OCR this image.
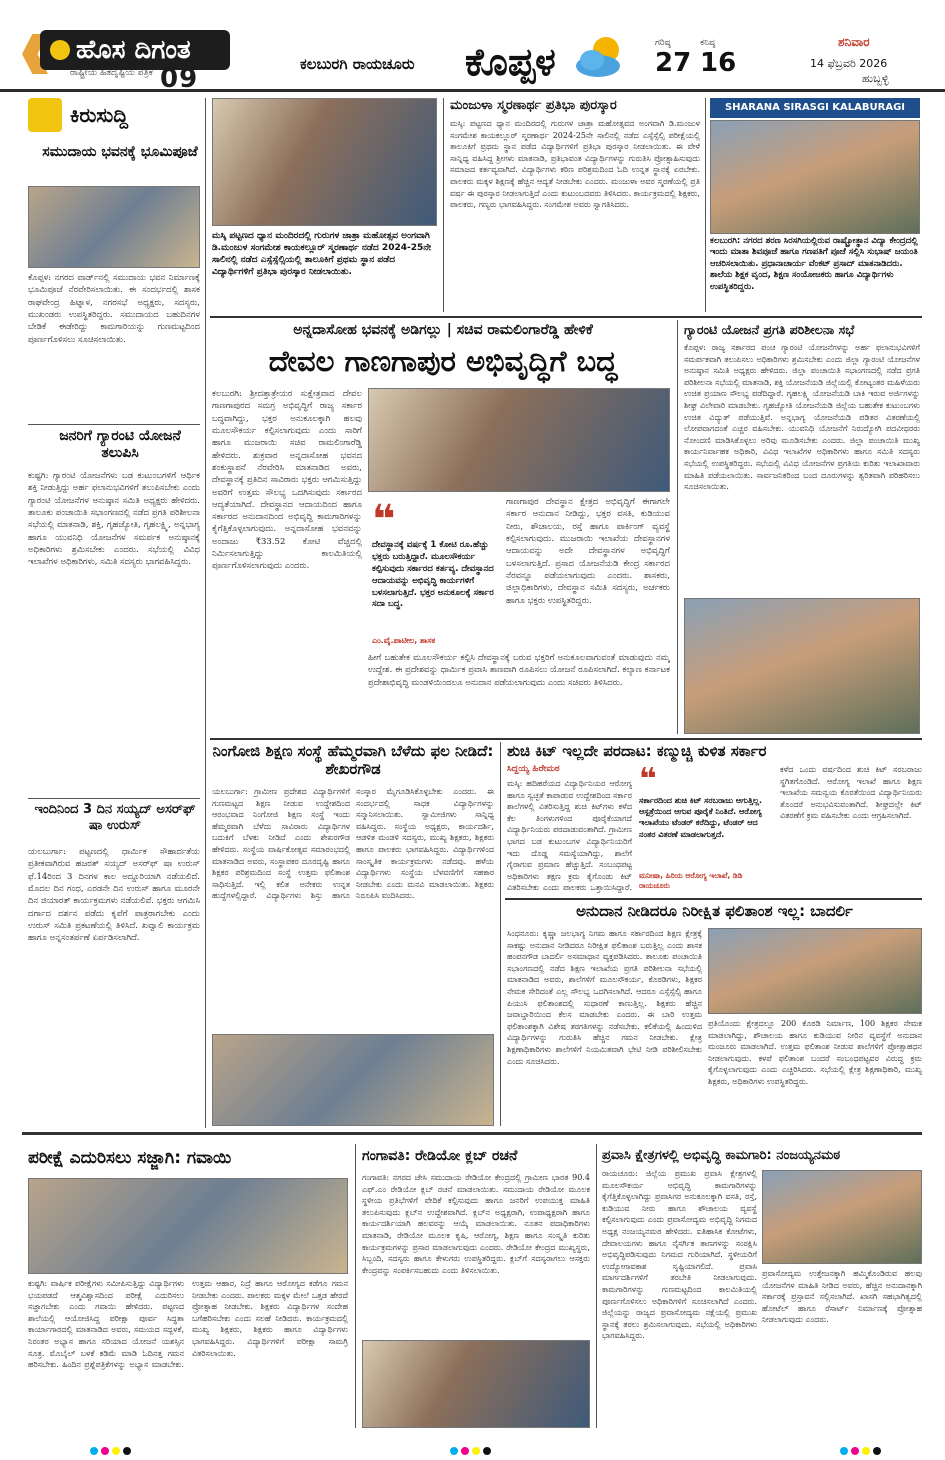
ಹೊಸ ದಿಗಂತ
ರಾಷ್ಟ್ರೀಯ ಹಿತದೃಷ್ಟಿಯ ಪತ್ರಿಕೆ 09	ಕಲಬುರಗಿ ರಾಯಚೂರು ಕೊಪ್ಪಳ	ಗರಿಷ್ಠ
27
ಕನಿಷ್ಠ
16
ಶನಿವಾರ
14 ಫೆಬ್ರವರಿ 2026
ಹುಬ್ಬಳ್ಳಿ
ಕಿರುಸುದ್ದಿ
ಸಮುದಾಯ ಭವನಕ್ಕೆ ಭೂಮಿಪೂಜೆ
ಕೊಪ್ಪಳ: ನಗರದ ವಾರ್ಡ್‌ನಲ್ಲಿ ಸಮುದಾಯ ಭವನ ನಿರ್ಮಾಣಕ್ಕೆ ಭೂಮಿಪೂಜೆ ನೆರವೇರಿಸಲಾಯಿತು. ಈ ಸಂದರ್ಭದಲ್ಲಿ ಶಾಸಕ ರಾಘವೇಂದ್ರ ಹಿಟ್ನಾಳ, ನಗರಸಭೆ ಅಧ್ಯಕ್ಷರು, ಸದಸ್ಯರು, ಮುಖಂಡರು ಉಪಸ್ಥಿತರಿದ್ದರು. ಸಮುದಾಯದ ಬಹುದಿನಗಳ ಬೇಡಿಕೆ ಈಡೇರಿದ್ದು ಕಾಮಗಾರಿಯನ್ನು ಗುಣಮಟ್ಟದಿಂದ ಪೂರ್ಣಗೊಳಿಸಲು ಸೂಚಿಸಲಾಯಿತು.
ಜನರಿಗೆ ಗ್ಯಾರಂಟಿ ಯೋಜನೆ ತಲುಪಿಸಿ
ಕುಷ್ಟಗಿ: ಗ್ಯಾರಂಟಿ ಯೋಜನೆಗಳು ಬಡ ಕುಟುಂಬಗಳಿಗೆ ಆರ್ಥಿಕ ಶಕ್ತಿ ನೀಡುತ್ತಿದ್ದು ಅರ್ಹ ಫಲಾನುಭವಿಗಳಿಗೆ ತಲುಪಿಸಬೇಕು ಎಂದು ಗ್ಯಾರಂಟಿ ಯೋಜನೆಗಳ ಅನುಷ್ಠಾನ ಸಮಿತಿ ಅಧ್ಯಕ್ಷರು ಹೇಳಿದರು. ತಾಲೂಕು ಪಂಚಾಯಿತಿ ಸಭಾಂಗಣದಲ್ಲಿ ನಡೆದ ಪ್ರಗತಿ ಪರಿಶೀಲನಾ ಸಭೆಯಲ್ಲಿ ಮಾತನಾಡಿ, ಶಕ್ತಿ, ಗೃಹಜ್ಯೋತಿ, ಗೃಹಲಕ್ಷ್ಮಿ, ಅನ್ನಭಾಗ್ಯ ಹಾಗೂ ಯುವನಿಧಿ ಯೋಜನೆಗಳ ಸಮರ್ಪಕ ಅನುಷ್ಠಾನಕ್ಕೆ ಅಧಿಕಾರಿಗಳು ಶ್ರಮಿಸಬೇಕು ಎಂದರು. ಸಭೆಯಲ್ಲಿ ವಿವಿಧ ಇಲಾಖೆಗಳ ಅಧಿಕಾರಿಗಳು, ಸಮಿತಿ ಸದಸ್ಯರು ಭಾಗವಹಿಸಿದ್ದರು.
ಇಂದಿನಿಂದ 3 ದಿನ ಸಯ್ಯದ್ ಅಸರ್‌ಫ್ ಷಾ ಉರುಸ್
ಯಲಬುರ್ಗಾ: ಪಟ್ಟಣದಲ್ಲಿ ಧಾರ್ಮಿಕ ಸೌಹಾರ್ದತೆಯ ಪ್ರತೀಕವಾಗಿರುವ ಹಜರತ್ ಸಯ್ಯದ್ ಅಸರ್‌ಫ್ ಷಾ ಉರುಸ್ ಫೆ.14ರಿಂದ 3 ದಿನಗಳ ಕಾಲ ಅದ್ದೂರಿಯಾಗಿ ನಡೆಯಲಿದೆ. ಮೊದಲ ದಿನ ಗಂಧ, ಎರಡನೇ ದಿನ ಉರುಸ್ ಹಾಗೂ ಮೂರನೇ ದಿನ ಜಿಯಾರತ್ ಕಾರ್ಯಕ್ರಮಗಳು ನಡೆಯಲಿವೆ. ಭಕ್ತರು ಆಗಮಿಸಿ ದರ್ಗಾದ ದರ್ಶನ ಪಡೆದು ಕೃಪೆಗೆ ಪಾತ್ರರಾಗಬೇಕು ಎಂದು ಉರುಸ್ ಸಮಿತಿ ಪ್ರಕಟಣೆಯಲ್ಲಿ ತಿಳಿಸಿದೆ. ಖವ್ವಾಲಿ ಕಾರ್ಯಕ್ರಮ ಹಾಗೂ ಅನ್ನಸಂತರ್ಪಣೆ ಏರ್ಪಡಿಸಲಾಗಿದೆ.
ಮಸ್ಕಿ ಪಟ್ಟಣದ ಧ್ಯಾನ ಮಂದಿರದಲ್ಲಿ ಗುರುಗಳ ಜಾತ್ರಾ ಮಹೋತ್ಸವ ಅಂಗವಾಗಿ ಡಿ.ಮಂಜುಳ ಸಂಗಮೇಶ ಕಾಯಕಲ್ಲೂರ್ ಸ್ಮರಣಾರ್ಥ ನಡೆದ 2024-25ನೇ ಸಾಲಿನಲ್ಲಿ ನಡೆದ ಎಸ್ಸೆಸ್ಸೆಲ್ಸಿಯಲ್ಲಿ ತಾಲೂಕಿಗೆ ಪ್ರಥಮ ಸ್ಥಾನ ಪಡೆದ ವಿದ್ಯಾರ್ಥಿಗಳಿಗೆ ಪ್ರತಿಭಾ ಪುರಸ್ಕಾರ ನೀಡಲಾಯಿತು.
ಮಂಜುಳಾ ಸ್ಮರಣಾರ್ಥ ಪ್ರತಿಭಾ ಪುರಸ್ಕಾರ
ಮಸ್ಕಿ: ಪಟ್ಟಣದ ಧ್ಯಾನ ಮಂದಿರದಲ್ಲಿ ಗುರುಗಳ ಜಾತ್ರಾ ಮಹೋತ್ಸವದ ಅಂಗವಾಗಿ ಡಿ.ಮಂಜುಳ ಸಂಗಮೇಶ ಕಾಯಕಲ್ಲೂರ್ ಸ್ಮರಣಾರ್ಥ 2024-25ನೇ ಸಾಲಿನಲ್ಲಿ ನಡೆದ ಎಸ್ಸೆಸ್ಸೆಲ್ಸಿ ಪರೀಕ್ಷೆಯಲ್ಲಿ ತಾಲೂಕಿಗೆ ಪ್ರಥಮ ಸ್ಥಾನ ಪಡೆದ ವಿದ್ಯಾರ್ಥಿಗಳಿಗೆ ಪ್ರತಿಭಾ ಪುರಸ್ಕಾರ ನೀಡಲಾಯಿತು. ಈ ವೇಳೆ ಸಾನ್ನಿಧ್ಯ ವಹಿಸಿದ್ದ ಶ್ರೀಗಳು ಮಾತನಾಡಿ, ಪ್ರತಿಭಾವಂತ ವಿದ್ಯಾರ್ಥಿಗಳನ್ನು ಗುರುತಿಸಿ ಪ್ರೋತ್ಸಾಹಿಸುವುದು ಸಮಾಜದ ಕರ್ತವ್ಯವಾಗಿದೆ. ವಿದ್ಯಾರ್ಥಿಗಳು ಕಠಿಣ ಪರಿಶ್ರಮದಿಂದ ಓದಿ ಉನ್ನತ ಸ್ಥಾನಕ್ಕೆ ಏರಬೇಕು. ಪಾಲಕರು ಮಕ್ಕಳ ಶಿಕ್ಷಣಕ್ಕೆ ಹೆಚ್ಚಿನ ಆದ್ಯತೆ ನೀಡಬೇಕು ಎಂದರು. ಮಂಜುಳಾ ಅವರ ಸ್ಮರಣೆಯಲ್ಲಿ ಪ್ರತಿ ವರ್ಷ ಈ ಪುರಸ್ಕಾರ ನೀಡಲಾಗುತ್ತಿದೆ ಎಂದು ಕುಟುಂಬದವರು ತಿಳಿಸಿದರು. ಕಾರ್ಯಕ್ರಮದಲ್ಲಿ ಶಿಕ್ಷಕರು, ಪಾಲಕರು, ಗಣ್ಯರು ಭಾಗವಹಿಸಿದ್ದರು. ಸಂಗಮೇಶ ಅವರು ಸ್ವಾಗತಿಸಿದರು.
SHARANA SIRASGI KALABURAGI
ಕಲಬುರಗಿ: ನಗರದ ಶರಣ ಸಿರಸಗಿಯಲ್ಲಿರುವ ರಾಷ್ಟ್ರೋತ್ಥಾನ ವಿದ್ಯಾ ಕೇಂದ್ರದಲ್ಲಿ ಇಂದು ಮಾತಾ ಶಿವಪೂಜೆ ಹಾಗೂ ಗಣಪತಿಗೆ ಪೂಜೆ ಸಲ್ಲಿಸಿ ಸುಭಾಷ್ ಜಯಂತಿ ಆಚರಿಸಲಾಯಿತು. ಪ್ರಧಾನಾಚಾರ್ಯ ವೆಂಕಟ್ ಪ್ರಸಾದ್ ಮಾತನಾಡಿದರು. ಶಾಲೆಯ ಶಿಕ್ಷಕ ವೃಂದ, ಶಿಕ್ಷಣ ಸಂಯೋಜಕರು ಹಾಗೂ ವಿದ್ಯಾರ್ಥಿಗಳು ಉಪಸ್ಥಿತರಿದ್ದರು.
ಅನ್ನದಾಸೋಹ ಭವನಕ್ಕೆ ಅಡಿಗಲ್ಲು | ಸಚಿವ ರಾಮಲಿಂಗಾರೆಡ್ಡಿ ಹೇಳಿಕೆ
ದೇವಲ ಗಾಣಗಾಪುರ ಅಭಿವೃದ್ಧಿಗೆ ಬದ್ಧ
ಕಲಬುರಗಿ: ಶ್ರೀದತ್ತಾತ್ರೇಯರ ಸುಕ್ಷೇತ್ರವಾದ ದೇವಲ ಗಾಣಗಾಪುರದ ಸಮಗ್ರ ಅಭಿವೃದ್ಧಿಗೆ ರಾಜ್ಯ ಸರ್ಕಾರ ಬದ್ಧವಾಗಿದ್ದು, ಭಕ್ತರ ಅನುಕೂಲಕ್ಕಾಗಿ ಹಲವು ಮೂಲಸೌಕರ್ಯ ಕಲ್ಪಿಸಲಾಗುವುದು ಎಂದು ಸಾರಿಗೆ ಹಾಗೂ ಮುಜರಾಯಿ ಸಚಿವ ರಾಮಲಿಂಗಾರೆಡ್ಡಿ ಹೇಳಿದರು. ಶುಕ್ರವಾರ ಅನ್ನದಾಸೋಹ ಭವನದ ಶಂಕುಸ್ಥಾಪನೆ ನೆರವೇರಿಸಿ ಮಾತನಾಡಿದ ಅವರು, ದೇವಸ್ಥಾನಕ್ಕೆ ಪ್ರತಿದಿನ ಸಾವಿರಾರು ಭಕ್ತರು ಆಗಮಿಸುತ್ತಿದ್ದು ಅವರಿಗೆ ಉತ್ತಮ ಸೌಲಭ್ಯ ಒದಗಿಸುವುದು ಸರ್ಕಾರದ ಆದ್ಯತೆಯಾಗಿದೆ. ದೇವಸ್ಥಾನದ ಆದಾಯದಿಂದ ಹಾಗೂ ಸರ್ಕಾರದ ಅನುದಾನದಿಂದ ಅಭಿವೃದ್ಧಿ ಕಾಮಗಾರಿಗಳನ್ನು ಕೈಗೆತ್ತಿಕೊಳ್ಳಲಾಗುವುದು. ಅನ್ನದಾಸೋಹ ಭವನವನ್ನು ಅಂದಾಜು ₹33.52 ಕೋಟಿ ವೆಚ್ಚದಲ್ಲಿ ನಿರ್ಮಿಸಲಾಗುತ್ತಿದ್ದು ಕಾಲಮಿತಿಯಲ್ಲಿ ಪೂರ್ಣಗೊಳಿಸಲಾಗುವುದು ಎಂದರು.
❝
ದೇವಸ್ಥಾನಕ್ಕೆ ವರ್ಷಕ್ಕೆ 1 ಕೋಟಿ ರೂ.ಹೆಚ್ಚು ಭಕ್ತರು ಬರುತ್ತಿದ್ದಾರೆ. ಮೂಲಸೌಕರ್ಯ ಕಲ್ಪಿಸುವುದು ಸರ್ಕಾರದ ಕರ್ತವ್ಯ. ದೇವಸ್ಥಾನದ ಆದಾಯವನ್ನು ಅಭಿವೃದ್ಧಿ ಕಾರ್ಯಗಳಿಗೆ ಬಳಸಲಾಗುತ್ತಿದೆ. ಭಕ್ತರ ಅನುಕೂಲಕ್ಕೆ ಸರ್ಕಾರ ಸದಾ ಬದ್ಧ.
ಎಂ.ವೈ.ಪಾಟೀಲ, ಶಾಸಕ
ಗಾಣಗಾಪುರ ದೇವಸ್ಥಾನ ಕ್ಷೇತ್ರದ ಅಭಿವೃದ್ಧಿಗೆ ಈಗಾಗಲೇ ಸರ್ಕಾರ ಅನುದಾನ ನೀಡಿದ್ದು, ಭಕ್ತರ ವಸತಿ, ಕುಡಿಯುವ ನೀರು, ಶೌಚಾಲಯ, ರಸ್ತೆ ಹಾಗೂ ಪಾರ್ಕಿಂಗ್ ವ್ಯವಸ್ಥೆ ಕಲ್ಪಿಸಲಾಗುವುದು. ಮುಜರಾಯಿ ಇಲಾಖೆಯ ದೇವಸ್ಥಾನಗಳ ಆದಾಯವನ್ನು ಅದೇ ದೇವಸ್ಥಾನಗಳ ಅಭಿವೃದ್ಧಿಗೆ ಬಳಸಲಾಗುತ್ತಿದೆ. ಪ್ರಸಾದ ಯೋಜನೆಯಡಿ ಕೇಂದ್ರ ಸರ್ಕಾರದ ನೆರವನ್ನೂ ಪಡೆಯಲಾಗುವುದು ಎಂದರು. ಶಾಸಕರು, ಜಿಲ್ಲಾಧಿಕಾರಿಗಳು, ದೇವಸ್ಥಾನ ಸಮಿತಿ ಸದಸ್ಯರು, ಅರ್ಚಕರು ಹಾಗೂ ಭಕ್ತರು ಉಪಸ್ಥಿತರಿದ್ದರು.
ಹೀಗೆ ಬಹುತೇಕ ಮೂಲಸೌಕರ್ಯ ಕಲ್ಪಿಸಿ ದೇವಸ್ಥಾನಕ್ಕೆ ಬರುವ ಭಕ್ತರಿಗೆ ಅನುಕೂಲವಾಗುವಂತೆ ಮಾಡುವುದು ನಮ್ಮ ಉದ್ದೇಶ. ಈ ಪ್ರದೇಶವನ್ನು ಧಾರ್ಮಿಕ ಪ್ರವಾಸಿ ತಾಣವಾಗಿ ರೂಪಿಸಲು ಯೋಜನೆ ರೂಪಿಸಲಾಗಿದೆ. ಕಲ್ಯಾಣ ಕರ್ನಾಟಕ ಪ್ರದೇಶಾಭಿವೃದ್ಧಿ ಮಂಡಳಿಯಿಂದಲೂ ಅನುದಾನ ಪಡೆಯಲಾಗುವುದು ಎಂದು ಸಚಿವರು ತಿಳಿಸಿದರು.
ಗ್ಯಾರಂಟಿ ಯೋಜನೆ ಪ್ರಗತಿ ಪರಿಶೀಲನಾ ಸಭೆ
ಕೊಪ್ಪಳ: ರಾಜ್ಯ ಸರ್ಕಾರದ ಪಂಚ ಗ್ಯಾರಂಟಿ ಯೋಜನೆಗಳನ್ನು ಅರ್ಹ ಫಲಾನುಭವಿಗಳಿಗೆ ಸಮರ್ಪಕವಾಗಿ ತಲುಪಿಸಲು ಅಧಿಕಾರಿಗಳು ಶ್ರಮಿಸಬೇಕು ಎಂದು ಜಿಲ್ಲಾ ಗ್ಯಾರಂಟಿ ಯೋಜನೆಗಳ ಅನುಷ್ಠಾನ ಸಮಿತಿ ಅಧ್ಯಕ್ಷರು ಹೇಳಿದರು. ಜಿಲ್ಲಾ ಪಂಚಾಯಿತಿ ಸಭಾಂಗಣದಲ್ಲಿ ನಡೆದ ಪ್ರಗತಿ ಪರಿಶೀಲನಾ ಸಭೆಯಲ್ಲಿ ಮಾತನಾಡಿ, ಶಕ್ತಿ ಯೋಜನೆಯಡಿ ಜಿಲ್ಲೆಯಲ್ಲಿ ಕೋಟ್ಯಂತರ ಮಹಿಳೆಯರು ಉಚಿತ ಪ್ರಯಾಣ ಸೌಲಭ್ಯ ಪಡೆದಿದ್ದಾರೆ. ಗೃಹಲಕ್ಷ್ಮಿ ಯೋಜನೆಯಡಿ ಬಾಕಿ ಇರುವ ಅರ್ಜಿಗಳನ್ನು ಶೀಘ್ರ ವಿಲೇವಾರಿ ಮಾಡಬೇಕು. ಗೃಹಜ್ಯೋತಿ ಯೋಜನೆಯಡಿ ಜಿಲ್ಲೆಯ ಬಹುತೇಕ ಕುಟುಂಬಗಳು ಉಚಿತ ವಿದ್ಯುತ್ ಪಡೆಯುತ್ತಿವೆ. ಅನ್ನಭಾಗ್ಯ ಯೋಜನೆಯಡಿ ಪಡಿತರ ವಿತರಣೆಯಲ್ಲಿ ಲೋಪವಾಗದಂತೆ ಎಚ್ಚರ ವಹಿಸಬೇಕು. ಯುವನಿಧಿ ಯೋಜನೆಗೆ ನಿರುದ್ಯೋಗಿ ಪದವೀಧರರು ನೋಂದಣಿ ಮಾಡಿಸಿಕೊಳ್ಳಲು ಅರಿವು ಮೂಡಿಸಬೇಕು ಎಂದರು. ಜಿಲ್ಲಾ ಪಂಚಾಯಿತಿ ಮುಖ್ಯ ಕಾರ್ಯನಿರ್ವಾಹಕ ಅಧಿಕಾರಿ, ವಿವಿಧ ಇಲಾಖೆಗಳ ಅಧಿಕಾರಿಗಳು ಹಾಗೂ ಸಮಿತಿ ಸದಸ್ಯರು ಸಭೆಯಲ್ಲಿ ಉಪಸ್ಥಿತರಿದ್ದರು. ಸಭೆಯಲ್ಲಿ ವಿವಿಧ ಯೋಜನೆಗಳ ಪ್ರಗತಿಯ ಕುರಿತು ಇಲಾಖಾವಾರು ಮಾಹಿತಿ ಪಡೆಯಲಾಯಿತು. ಸಾರ್ವಜನಿಕರಿಂದ ಬಂದ ದೂರುಗಳನ್ನು ತ್ವರಿತವಾಗಿ ಪರಿಹರಿಸಲು ಸೂಚಿಸಲಾಯಿತು.
ನಿಂಗೋಜಿ ಶಿಕ್ಷಣ ಸಂಸ್ಥೆ ಹೆಮ್ಮರವಾಗಿ ಬೆಳೆದು ಫಲ ನೀಡಿದೆ: ಶೇಖರಗೌಡ
ಯಲಬುರ್ಗಾ: ಗ್ರಾಮೀಣ ಪ್ರದೇಶದ ವಿದ್ಯಾರ್ಥಿಗಳಿಗೆ ಗುಣಮಟ್ಟದ ಶಿಕ್ಷಣ ನೀಡುವ ಉದ್ದೇಶದಿಂದ ಆರಂಭವಾದ ನಿಂಗೋಜಿ ಶಿಕ್ಷಣ ಸಂಸ್ಥೆ ಇಂದು ಹೆಮ್ಮರವಾಗಿ ಬೆಳೆದು ಸಾವಿರಾರು ವಿದ್ಯಾರ್ಥಿಗಳ ಬದುಕಿಗೆ ಬೆಳಕು ನೀಡಿದೆ ಎಂದು ಶೇಖರಗೌಡ ಹೇಳಿದರು. ಸಂಸ್ಥೆಯ ವಾರ್ಷಿಕೋತ್ಸವ ಸಮಾರಂಭದಲ್ಲಿ ಮಾತನಾಡಿದ ಅವರು, ಸಂಸ್ಥಾಪಕರ ದೂರದೃಷ್ಟಿ ಹಾಗೂ ಶಿಕ್ಷಕರ ಪರಿಶ್ರಮದಿಂದ ಸಂಸ್ಥೆ ಉತ್ತಮ ಫಲಿತಾಂಶ ಸಾಧಿಸುತ್ತಿದೆ. ಇಲ್ಲಿ ಕಲಿತ ಅನೇಕರು ಉನ್ನತ ಹುದ್ದೆಗಳಲ್ಲಿದ್ದಾರೆ. ವಿದ್ಯಾರ್ಥಿಗಳು ಶಿಸ್ತು ಹಾಗೂ ಸಂಸ್ಕಾರ ಮೈಗೂಡಿಸಿಕೊಳ್ಳಬೇಕು ಎಂದರು. ಈ ಸಂದರ್ಭದಲ್ಲಿ ಸಾಧಕ ವಿದ್ಯಾರ್ಥಿಗಳನ್ನು ಸನ್ಮಾನಿಸಲಾಯಿತು. ಸ್ವಾಮೀಜಿಗಳು ಸಾನ್ನಿಧ್ಯ ವಹಿಸಿದ್ದರು. ಸಂಸ್ಥೆಯ ಅಧ್ಯಕ್ಷರು, ಕಾರ್ಯದರ್ಶಿ, ಆಡಳಿತ ಮಂಡಳಿ ಸದಸ್ಯರು, ಮುಖ್ಯ ಶಿಕ್ಷಕರು, ಶಿಕ್ಷಕರು ಹಾಗೂ ಪಾಲಕರು ಭಾಗವಹಿಸಿದ್ದರು. ವಿದ್ಯಾರ್ಥಿಗಳಿಂದ ಸಾಂಸ್ಕೃತಿಕ ಕಾರ್ಯಕ್ರಮಗಳು ನಡೆದವು. ಹಳೆಯ ವಿದ್ಯಾರ್ಥಿಗಳು ಸಂಸ್ಥೆಯ ಬೆಳವಣಿಗೆಗೆ ಸಹಕಾರ ನೀಡಬೇಕು ಎಂದು ಮನವಿ ಮಾಡಲಾಯಿತು. ಶಿಕ್ಷಕರು ನಿರೂಪಿಸಿ ವಂದಿಸಿದರು.
ಶುಚಿ ಕಿಟ್ ಇಲ್ಲದೇ ಪರದಾಟ: ಕಣ್ಮುಚ್ಚಿ ಕುಳಿತ ಸರ್ಕಾರ
ಸಿದ್ದಯ್ಯ ಹಿರೇಮಠ
ಮಸ್ಕಿ: ಹದಿಹರೆಯದ ವಿದ್ಯಾರ್ಥಿನಿಯರ ಆರೋಗ್ಯ ಹಾಗೂ ಸ್ವಚ್ಛತೆ ಕಾಪಾಡುವ ಉದ್ದೇಶದಿಂದ ಸರ್ಕಾರ ಶಾಲೆಗಳಲ್ಲಿ ವಿತರಿಸುತ್ತಿದ್ದ ಶುಚಿ ಕಿಟ್‌ಗಳು ಕಳೆದ ಕೆಲ ತಿಂಗಳುಗಳಿಂದ ಪೂರೈಕೆಯಾಗದೆ ವಿದ್ಯಾರ್ಥಿನಿಯರು ಪರದಾಡುವಂತಾಗಿದೆ. ಗ್ರಾಮೀಣ ಭಾಗದ ಬಡ ಕುಟುಂಬಗಳ ವಿದ್ಯಾರ್ಥಿನಿಯರಿಗೆ ಇದು ದೊಡ್ಡ ಸಮಸ್ಯೆಯಾಗಿದ್ದು, ಶಾಲೆಗೆ ಗೈರಾಗುವ ಪ್ರಮಾಣ ಹೆಚ್ಚುತ್ತಿದೆ. ಸಂಬಂಧಪಟ್ಟ ಅಧಿಕಾರಿಗಳು ತಕ್ಷಣ ಕ್ರಮ ಕೈಗೊಂಡು ಕಿಟ್ ವಿತರಿಸಬೇಕು ಎಂದು ಪಾಲಕರು ಒತ್ತಾಯಿಸಿದ್ದಾರೆ.
❝
ಸರ್ಕಾರದಿಂದ ಶುಚಿ ಕಿಟ್ ಸರಬರಾಜು ಆಗುತ್ತಿಲ್ಲ. ಆಸ್ಪತ್ರೆಯಿಂದ ಆಗುವ ಪೂರೈಕೆ ನಿಂತಿದೆ. ಆರೋಗ್ಯ ಇಲಾಖೆಯು ಟೆಂಡರ್ ಕರೆದಿದ್ದು, ಟೆಂಡರ್ ಆದ ನಂತರ ವಿತರಣೆ ಮಾಡಲಾಗುತ್ತದೆ.
ಮನೀಷಾ, ಹಿರಿಯ ಆರೋಗ್ಯ ಇಲಾಖೆ, ಡಿಡಿ ರಾಯಚೂರು
ಕಳೆದ ಒಂದು ವರ್ಷದಿಂದ ಶುಚಿ ಕಿಟ್ ಸರಬರಾಜು ಸ್ಥಗಿತಗೊಂಡಿದೆ. ಆರೋಗ್ಯ ಇಲಾಖೆ ಹಾಗೂ ಶಿಕ್ಷಣ ಇಲಾಖೆಯ ಸಮನ್ವಯ ಕೊರತೆಯಿಂದ ವಿದ್ಯಾರ್ಥಿನಿಯರು ತೊಂದರೆ ಅನುಭವಿಸುವಂತಾಗಿದೆ. ಶೀಘ್ರದಲ್ಲೇ ಕಿಟ್ ವಿತರಣೆಗೆ ಕ್ರಮ ವಹಿಸಬೇಕು ಎಂದು ಆಗ್ರಹಿಸಲಾಗಿದೆ.
ಅನುದಾನ ನೀಡಿದರೂ ನಿರೀಕ್ಷಿತ ಫಲಿತಾಂಶ ಇಲ್ಲ: ಬಾದರ್ಲಿ
ಸಿಂಧನೂರು: ಕೃಷ್ಣಾ ಜಲಭಾಗ್ಯ ನಿಗಮ ಹಾಗೂ ಸರ್ಕಾರದಿಂದ ಶಿಕ್ಷಣ ಕ್ಷೇತ್ರಕ್ಕೆ ಸಾಕಷ್ಟು ಅನುದಾನ ನೀಡಿದರೂ ನಿರೀಕ್ಷಿತ ಫಲಿತಾಂಶ ಬರುತ್ತಿಲ್ಲ ಎಂದು ಶಾಸಕ ಹಂಪನಗೌಡ ಬಾದರ್ಲಿ ಅಸಮಾಧಾನ ವ್ಯಕ್ತಪಡಿಸಿದರು. ತಾಲೂಕು ಪಂಚಾಯಿತಿ ಸಭಾಂಗಣದಲ್ಲಿ ನಡೆದ ಶಿಕ್ಷಣ ಇಲಾಖೆಯ ಪ್ರಗತಿ ಪರಿಶೀಲನಾ ಸಭೆಯಲ್ಲಿ ಮಾತನಾಡಿದ ಅವರು, ಶಾಲೆಗಳಿಗೆ ಮೂಲಸೌಕರ್ಯ, ಕೊಠಡಿಗಳು, ಶಿಕ್ಷಕರ ನೇಮಕ ಸೇರಿದಂತೆ ಎಲ್ಲ ಸೌಲಭ್ಯ ಒದಗಿಸಲಾಗಿದೆ. ಆದರೂ ಎಸ್ಸೆಸ್ಸೆಲ್ಸಿ ಹಾಗೂ ಪಿಯುಸಿ ಫಲಿತಾಂಶದಲ್ಲಿ ಸುಧಾರಣೆ ಕಾಣುತ್ತಿಲ್ಲ. ಶಿಕ್ಷಕರು ಹೆಚ್ಚಿನ ಜವಾಬ್ದಾರಿಯಿಂದ ಕೆಲಸ ಮಾಡಬೇಕು ಎಂದರು. ಈ ಬಾರಿ ಉತ್ತಮ ಫಲಿತಾಂಶಕ್ಕಾಗಿ ವಿಶೇಷ ತರಗತಿಗಳನ್ನು ನಡೆಸಬೇಕು. ಕಲಿಕೆಯಲ್ಲಿ ಹಿಂದುಳಿದ ವಿದ್ಯಾರ್ಥಿಗಳನ್ನು ಗುರುತಿಸಿ ಹೆಚ್ಚಿನ ಗಮನ ನೀಡಬೇಕು. ಕ್ಷೇತ್ರ ಶಿಕ್ಷಣಾಧಿಕಾರಿಗಳು ಶಾಲೆಗಳಿಗೆ ನಿಯಮಿತವಾಗಿ ಭೇಟಿ ನೀಡಿ ಪರಿಶೀಲಿಸಬೇಕು ಎಂದು ಸೂಚಿಸಿದರು.
ಪ್ರತಿಯೊಂದು ಕ್ಷೇತ್ರದಲ್ಲೂ 200 ಕೊಠಡಿ ನಿರ್ಮಾಣ, 100 ಶಿಕ್ಷಕರ ನೇಮಕ ಮಾಡಲಾಗಿದ್ದು, ಶೌಚಾಲಯ ಹಾಗೂ ಕುಡಿಯುವ ನೀರಿನ ವ್ಯವಸ್ಥೆಗೆ ಅನುದಾನ ಮಂಜೂರು ಮಾಡಲಾಗಿದೆ. ಉತ್ತಮ ಫಲಿತಾಂಶ ನೀಡುವ ಶಾಲೆಗಳಿಗೆ ಪ್ರೋತ್ಸಾಹಧನ ನೀಡಲಾಗುವುದು. ಕಳಪೆ ಫಲಿತಾಂಶ ಬಂದರೆ ಸಂಬಂಧಪಟ್ಟವರ ವಿರುದ್ಧ ಕ್ರಮ ಕೈಗೊಳ್ಳಲಾಗುವುದು ಎಂದು ಎಚ್ಚರಿಸಿದರು. ಸಭೆಯಲ್ಲಿ ಕ್ಷೇತ್ರ ಶಿಕ್ಷಣಾಧಿಕಾರಿ, ಮುಖ್ಯ ಶಿಕ್ಷಕರು, ಅಧಿಕಾರಿಗಳು ಉಪಸ್ಥಿತರಿದ್ದರು.
ಪರೀಕ್ಷೆ ಎದುರಿಸಲು ಸಜ್ಜಾಗಿ: ಗವಾಯಿ
ಕುಷ್ಟಗಿ: ವಾರ್ಷಿಕ ಪರೀಕ್ಷೆಗಳು ಸಮೀಪಿಸುತ್ತಿದ್ದು ವಿದ್ಯಾರ್ಥಿಗಳು ಭಯಪಡದೆ ಆತ್ಮವಿಶ್ವಾಸದಿಂದ ಪರೀಕ್ಷೆ ಎದುರಿಸಲು ಸಜ್ಜಾಗಬೇಕು ಎಂದು ಗವಾಯಿ ಹೇಳಿದರು. ಪಟ್ಟಣದ ಶಾಲೆಯಲ್ಲಿ ಆಯೋಜಿಸಿದ್ದ ಪರೀಕ್ಷಾ ಪೂರ್ವ ಸಿದ್ಧತಾ ಕಾರ್ಯಾಗಾರದಲ್ಲಿ ಮಾತನಾಡಿದ ಅವರು, ಸಮಯದ ಸದ್ಬಳಕೆ, ನಿರಂತರ ಅಭ್ಯಾಸ ಹಾಗೂ ಸರಿಯಾದ ಯೋಜನೆ ಯಶಸ್ಸಿನ ಸೂತ್ರ. ಮೊಬೈಲ್ ಬಳಕೆ ಕಡಿಮೆ ಮಾಡಿ ಓದಿನತ್ತ ಗಮನ ಹರಿಸಬೇಕು. ಹಿಂದಿನ ಪ್ರಶ್ನೆಪತ್ರಿಕೆಗಳನ್ನು ಅಭ್ಯಾಸ ಮಾಡಬೇಕು. ಉತ್ತಮ ಆಹಾರ, ನಿದ್ರೆ ಹಾಗೂ ಆರೋಗ್ಯದ ಕಡೆಗೂ ಗಮನ ನೀಡಬೇಕು ಎಂದರು. ಪಾಲಕರು ಮಕ್ಕಳ ಮೇಲೆ ಒತ್ತಡ ಹೇರದೆ ಪ್ರೋತ್ಸಾಹ ನೀಡಬೇಕು. ಶಿಕ್ಷಕರು ವಿದ್ಯಾರ್ಥಿಗಳ ಸಂದೇಹ ಬಗೆಹರಿಸಬೇಕು ಎಂದು ಸಲಹೆ ನೀಡಿದರು. ಕಾರ್ಯಕ್ರಮದಲ್ಲಿ ಮುಖ್ಯ ಶಿಕ್ಷಕರು, ಶಿಕ್ಷಕರು ಹಾಗೂ ವಿದ್ಯಾರ್ಥಿಗಳು ಭಾಗವಹಿಸಿದ್ದರು. ವಿದ್ಯಾರ್ಥಿಗಳಿಗೆ ಪರೀಕ್ಷಾ ಸಾಮಗ್ರಿ ವಿತರಿಸಲಾಯಿತು.
ಗಂಗಾವತಿ: ರೇಡಿಯೋ ಕ್ಲಬ್ ರಚನೆ
ಗಂಗಾವತಿ: ನಗರದ ಜೇಸಿ ಸಮುದಾಯ ರೇಡಿಯೋ ಕೇಂದ್ರದಲ್ಲಿ ಗ್ರಾಮೀಣ ಭಾರತ 90.4 ಎಫ್.ಎಂ ರೇಡಿಯೋ ಕ್ಲಬ್ ರಚನೆ ಮಾಡಲಾಯಿತು. ಸಮುದಾಯ ರೇಡಿಯೋ ಮೂಲಕ ಸ್ಥಳೀಯ ಪ್ರತಿಭೆಗಳಿಗೆ ವೇದಿಕೆ ಕಲ್ಪಿಸುವುದು ಹಾಗೂ ಜನರಿಗೆ ಉಪಯುಕ್ತ ಮಾಹಿತಿ ತಲುಪಿಸುವುದು ಕ್ಲಬ್‌ನ ಉದ್ದೇಶವಾಗಿದೆ. ಕ್ಲಬ್‌ನ ಅಧ್ಯಕ್ಷರಾಗಿ, ಉಪಾಧ್ಯಕ್ಷರಾಗಿ ಹಾಗೂ ಕಾರ್ಯದರ್ಶಿಯಾಗಿ ಹಲವರನ್ನು ಆಯ್ಕೆ ಮಾಡಲಾಯಿತು. ನೂತನ ಪದಾಧಿಕಾರಿಗಳು ಮಾತನಾಡಿ, ರೇಡಿಯೋ ಮೂಲಕ ಕೃಷಿ, ಆರೋಗ್ಯ, ಶಿಕ್ಷಣ ಹಾಗೂ ಸಂಸ್ಕೃತಿ ಕುರಿತು ಕಾರ್ಯಕ್ರಮಗಳನ್ನು ಪ್ರಸಾರ ಮಾಡಲಾಗುವುದು ಎಂದರು. ರೇಡಿಯೋ ಕೇಂದ್ರದ ಮುಖ್ಯಸ್ಥರು, ಸಿಬ್ಬಂದಿ, ಸದಸ್ಯರು ಹಾಗೂ ಕೇಳುಗರು ಉಪಸ್ಥಿತರಿದ್ದರು. ಕ್ಲಬ್‌ಗೆ ಸದಸ್ಯರಾಗಲು ಆಸಕ್ತರು ಕೇಂದ್ರವನ್ನು ಸಂಪರ್ಕಿಸಬಹುದು ಎಂದು ತಿಳಿಸಲಾಯಿತು.
ಪ್ರವಾಸಿ ಕ್ಷೇತ್ರಗಳಲ್ಲಿ ಅಭಿವೃದ್ಧಿ ಕಾಮಗಾರಿ: ನಂಜಯ್ಯನಮಠ
ರಾಯಚೂರು: ಜಿಲ್ಲೆಯ ಪ್ರಮುಖ ಪ್ರವಾಸಿ ಕ್ಷೇತ್ರಗಳಲ್ಲಿ ಮೂಲಸೌಕರ್ಯ ಅಭಿವೃದ್ಧಿ ಕಾಮಗಾರಿಗಳನ್ನು ಕೈಗೆತ್ತಿಕೊಳ್ಳಲಾಗಿದ್ದು ಪ್ರವಾಸಿಗರ ಅನುಕೂಲಕ್ಕಾಗಿ ವಸತಿ, ರಸ್ತೆ, ಕುಡಿಯುವ ನೀರು ಹಾಗೂ ಶೌಚಾಲಯ ವ್ಯವಸ್ಥೆ ಕಲ್ಪಿಸಲಾಗುವುದು ಎಂದು ಪ್ರವಾಸೋದ್ಯಮ ಅಭಿವೃದ್ಧಿ ನಿಗಮದ ಅಧ್ಯಕ್ಷ ನಂಜಯ್ಯನಮಠ ಹೇಳಿದರು. ಐತಿಹಾಸಿಕ ಕೋಟೆಗಳು, ದೇವಾಲಯಗಳು ಹಾಗೂ ನೈಸರ್ಗಿಕ ತಾಣಗಳನ್ನು ಸಂರಕ್ಷಿಸಿ ಅಭಿವೃದ್ಧಿಪಡಿಸುವುದು ನಿಗಮದ ಗುರಿಯಾಗಿದೆ. ಸ್ಥಳೀಯರಿಗೆ ಉದ್ಯೋಗಾವಕಾಶ ಸೃಷ್ಟಿಯಾಗಲಿದೆ. ಪ್ರವಾಸಿ ಮಾರ್ಗದರ್ಶಿಗಳಿಗೆ ತರಬೇತಿ ನೀಡಲಾಗುವುದು. ಕಾಮಗಾರಿಗಳನ್ನು ಗುಣಮಟ್ಟದಿಂದ ಕಾಲಮಿತಿಯಲ್ಲಿ ಪೂರ್ಣಗೊಳಿಸಲು ಅಧಿಕಾರಿಗಳಿಗೆ ಸೂಚಿಸಲಾಗಿದೆ ಎಂದರು. ಜಿಲ್ಲೆಯನ್ನು ರಾಜ್ಯದ ಪ್ರವಾಸೋದ್ಯಮ ನಕ್ಷೆಯಲ್ಲಿ ಪ್ರಮುಖ ಸ್ಥಾನಕ್ಕೆ ತರಲು ಶ್ರಮಿಸಲಾಗುವುದು. ಸಭೆಯಲ್ಲಿ ಅಧಿಕಾರಿಗಳು ಭಾಗವಹಿಸಿದ್ದರು.
ಪ್ರವಾಸೋದ್ಯಮ ಉತ್ತೇಜನಕ್ಕಾಗಿ ಹಮ್ಮಿಕೊಂಡಿರುವ ಹಲವು ಯೋಜನೆಗಳ ಮಾಹಿತಿ ನೀಡಿದ ಅವರು, ಹೆಚ್ಚಿನ ಅನುದಾನಕ್ಕಾಗಿ ಸರ್ಕಾರಕ್ಕೆ ಪ್ರಸ್ತಾವನೆ ಸಲ್ಲಿಸಲಾಗಿದೆ. ಖಾಸಗಿ ಸಹಭಾಗಿತ್ವದಲ್ಲಿ ಹೋಟೆಲ್ ಹಾಗೂ ರೆಸಾರ್ಟ್ ನಿರ್ಮಾಣಕ್ಕೆ ಪ್ರೋತ್ಸಾಹ ನೀಡಲಾಗುವುದು ಎಂದರು.
